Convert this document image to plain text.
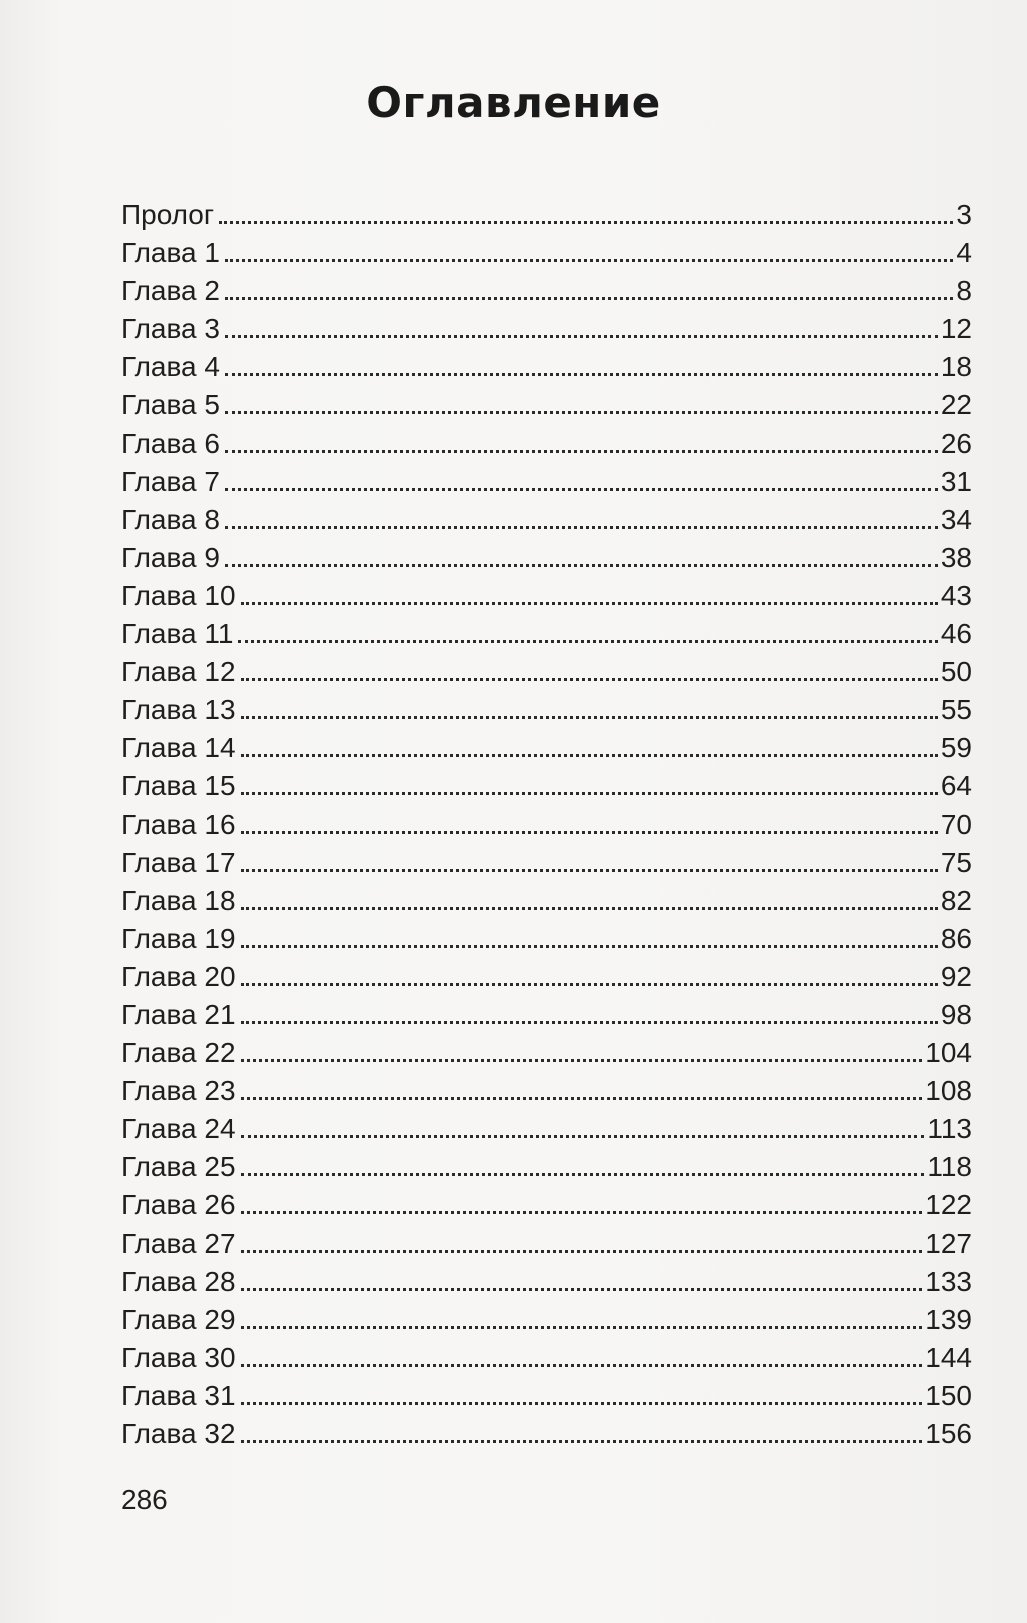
Оглавление
Пролог	3
Глава 1	4
Глава 2	8
Глава 3	12
Глава 4	18
Глава 5	22
Глава 6	26
Глава 7	31
Глава 8	34
Глава 9	38
Глава 10	43
Глава 11	46
Глава 12	50
Глава 13	55
Глава 14	59
Глава 15	64
Глава 16	70
Глава 17	75
Глава 18	82
Глава 19	86
Глава 20	92
Глава 21	98
Глава 22	104
Глава 23	108
Глава 24	113
Глава 25	118
Глава 26	122
Глава 27	127
Глава 28	133
Глава 29	139
Глава 30	144
Глава 31	150
Глава 32	156
286
